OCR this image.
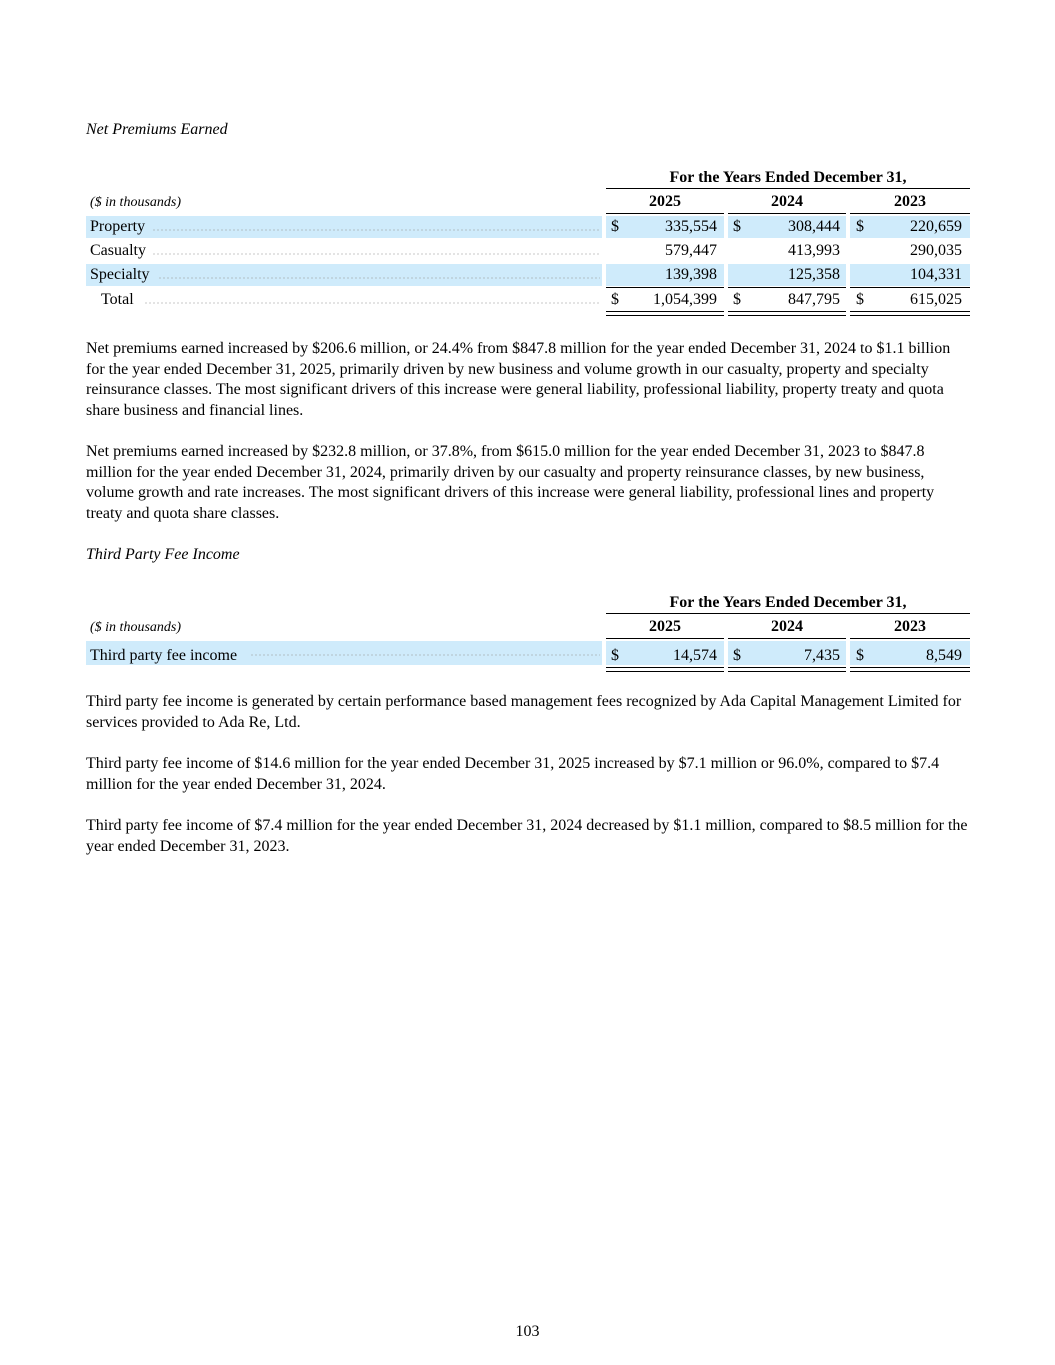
Net Premiums Earned
For the Years Ended December 31,
($ in thousands)	2025	2024	2023
Property	$	335,554 $	308,444 $	220,659
Casualty	579,447	413,993	290,035
Specialty	139,398	125,358	104,331
Total	$	1,054,399 $	847,795 $	615,025
Net premiums earned increased by $206.6 million, or 24.4% from $847.8 million for the year ended December 31, 2024 to $1.1 billion for the year ended December 31, 2025, primarily driven by new business and volume growth in our casualty, property and specialty reinsurance classes. The most significant drivers of this increase were general liability, professional liability, property treaty and quota share business and financial lines.
Net premiums earned increased by $232.8 million, or 37.8%, from $615.0 million for the year ended December 31, 2023 to $847.8 million for the year ended December 31, 2024, primarily driven by our casualty and property reinsurance classes, by new business, volume growth and rate increases. The most significant drivers of this increase were general liability, professional lines and property treaty and quota share classes.
Third Party Fee Income
For the Years Ended December 31,
($ in thousands)	2025	2024	2023
Third party fee income	$	14,574 $	7,435 $	8,549
Third party fee income is generated by certain performance based management fees recognized by Ada Capital Management Limited for services provided to Ada Re, Ltd.
Third party fee income of $14.6 million for the year ended December 31, 2025 increased by $7.1 million or 96.0%, compared to $7.4 million for the year ended December 31, 2024.
Third party fee income of $7.4 million for the year ended December 31, 2024 decreased by $1.1 million, compared to $8.5 million for the year ended December 31, 2023.
103
